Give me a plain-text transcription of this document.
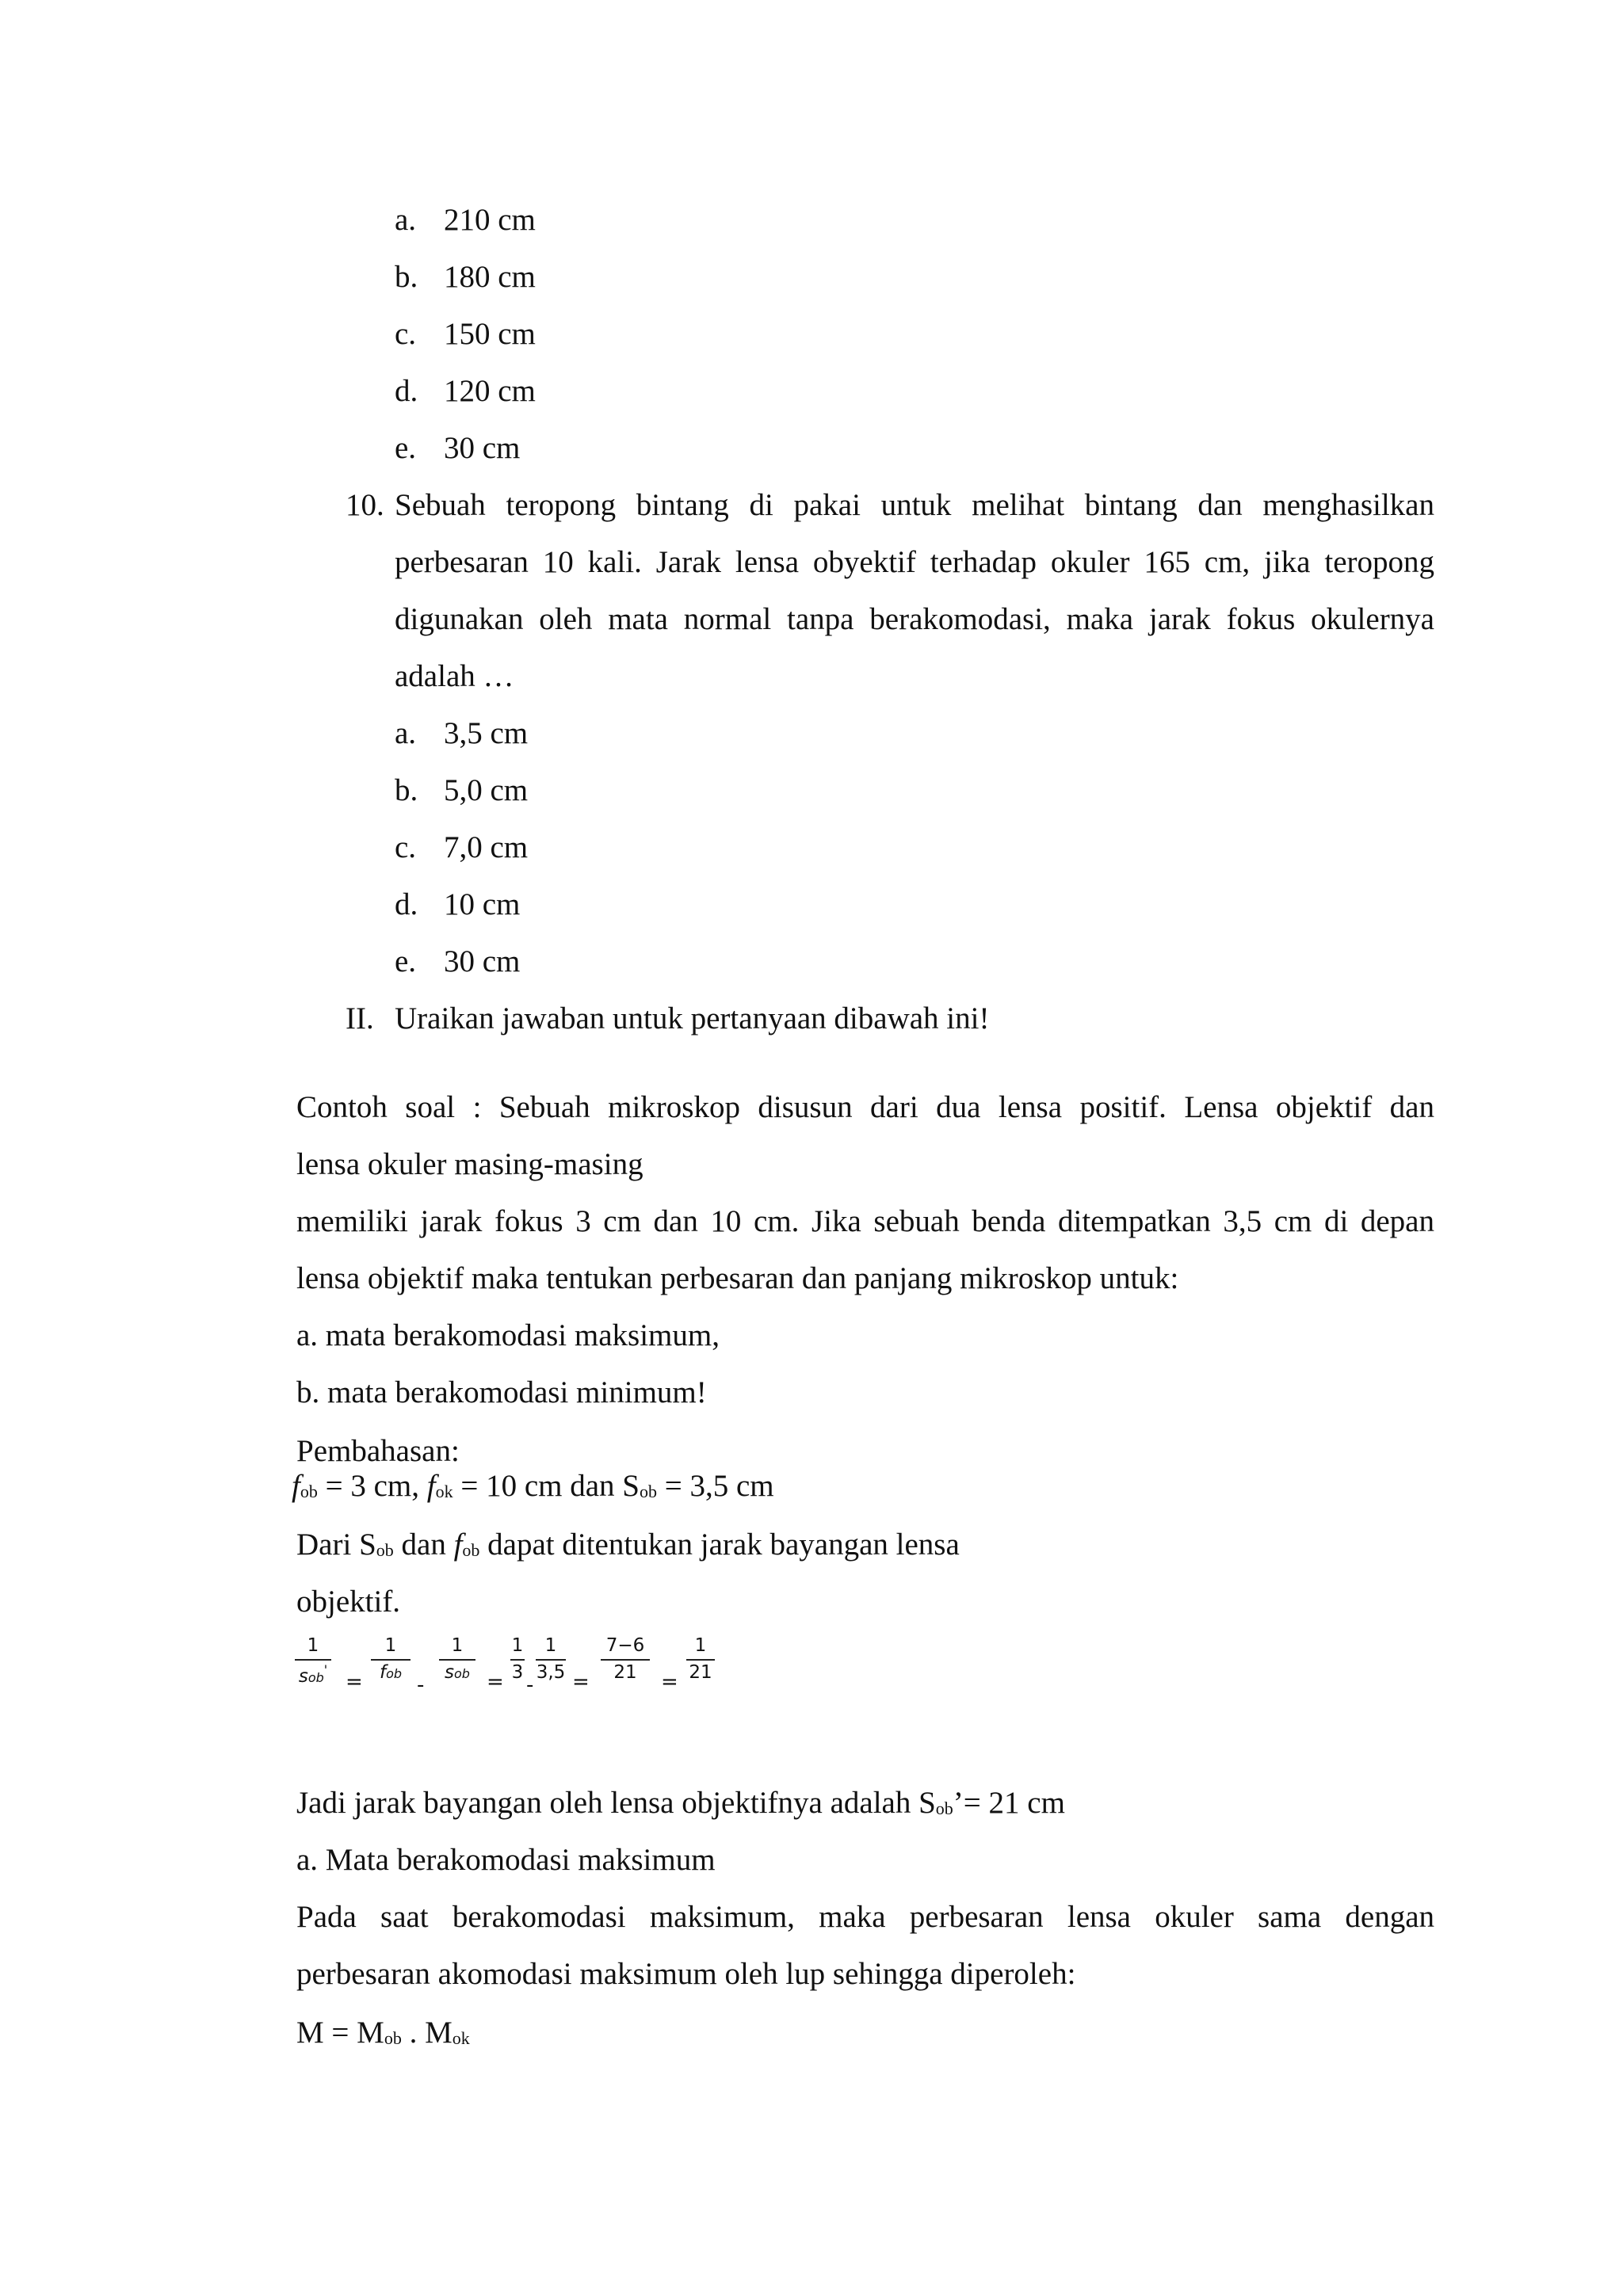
a. 210 cm
b. 180 cm
c. 150 cm
d. 120 cm
e. 30 cm
10. Sebuah teropong bintang di pakai untuk melihat bintang dan menghasilkan
perbesaran 10 kali. Jarak lensa obyektif terhadap okuler 165 cm, jika teropong
digunakan oleh mata normal tanpa berakomodasi, maka jarak fokus okulernya
adalah …
a. 3,5 cm
b. 5,0 cm
c. 7,0 cm
d. 10 cm
e. 30 cm
II. Uraikan jawaban untuk pertanyaan dibawah ini!
Contoh soal : Sebuah mikroskop disusun dari dua lensa positif. Lensa objektif dan
lensa okuler masing-masing
memiliki jarak fokus 3 cm dan 10 cm. Jika sebuah benda ditempatkan 3,5 cm di depan
lensa objektif maka tentukan perbesaran dan panjang mikroskop untuk:
a. mata berakomodasi maksimum,
b. mata berakomodasi minimum!
Pembahasan:
fob = 3 cm, fok = 10 cm dan Sob = 3,5 cm
Dari Sob dan fob dapat ditentukan jarak bayangan lensa
objektif.
1
sob'
=
1
fob -
1
sob =
1
3
-
1
3,5 =
7−6
21	=
1
21
Jadi jarak bayangan oleh lensa objektifnya adalah Sob’= 21 cm
a. Mata berakomodasi maksimum
Pada saat berakomodasi maksimum, maka perbesaran lensa okuler sama dengan
perbesaran akomodasi maksimum oleh lup sehingga diperoleh:
M = Mob . Mok
